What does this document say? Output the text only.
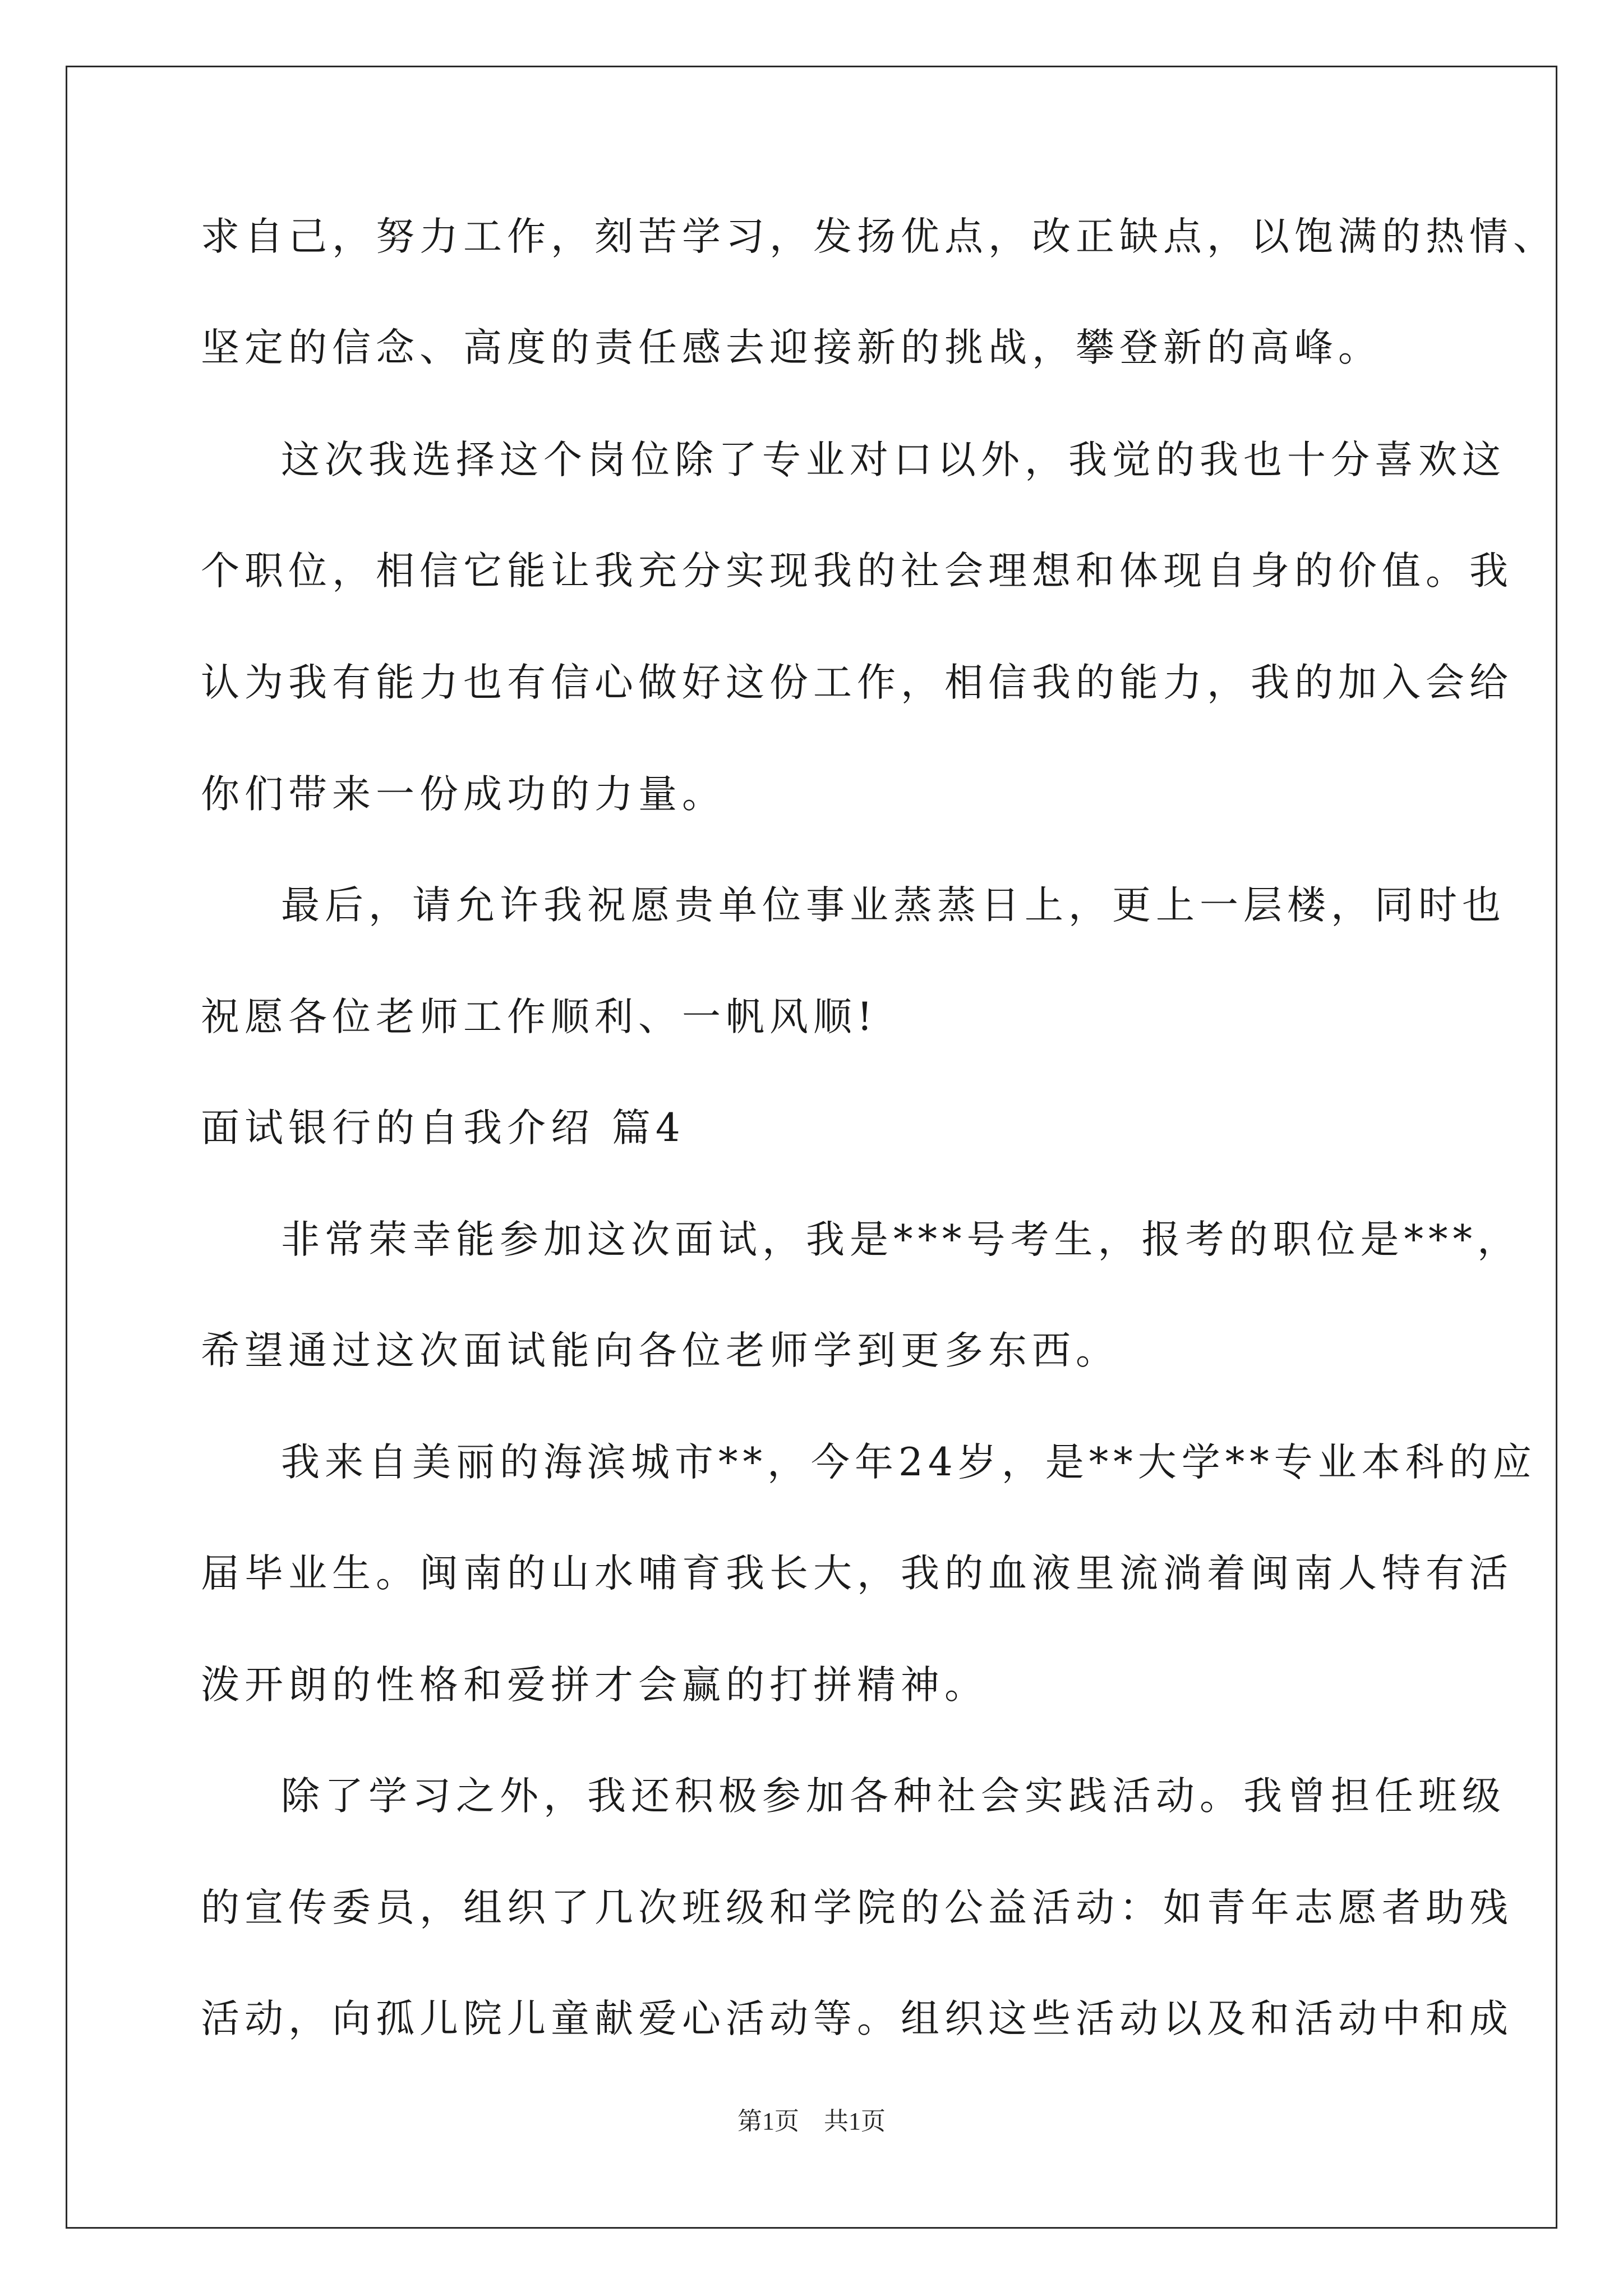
求自己，努力工作，刻苦学习，发扬优点，改正缺点，以饱满的热情、
坚定的信念、高度的责任感去迎接新的挑战，攀登新的高峰。
这次我选择这个岗位除了专业对口以外，我觉的我也十分喜欢这
个职位，相信它能让我充分实现我的社会理想和体现自身的价值。我
认为我有能力也有信心做好这份工作，相信我的能力，我的加入会给
你们带来一份成功的力量。
最后，请允许我祝愿贵单位事业蒸蒸日上，更上一层楼，同时也
祝愿各位老师工作顺利、一帆风顺!
面试银行的自我介绍 篇4
非常荣幸能参加这次面试，我是***号考生，报考的职位是***，
希望通过这次面试能向各位老师学到更多东西。
我来自美丽的海滨城市**，今年24岁，是**大学**专业本科的应
届毕业生。闽南的山水哺育我长大，我的血液里流淌着闽南人特有活
泼开朗的性格和爱拼才会赢的打拼精神。
除了学习之外，我还积极参加各种社会实践活动。我曾担任班级
的宣传委员，组织了几次班级和学院的公益活动：如青年志愿者助残
活动，向孤儿院儿童献爱心活动等。组织这些活动以及和活动中和成
第1页　共1页
